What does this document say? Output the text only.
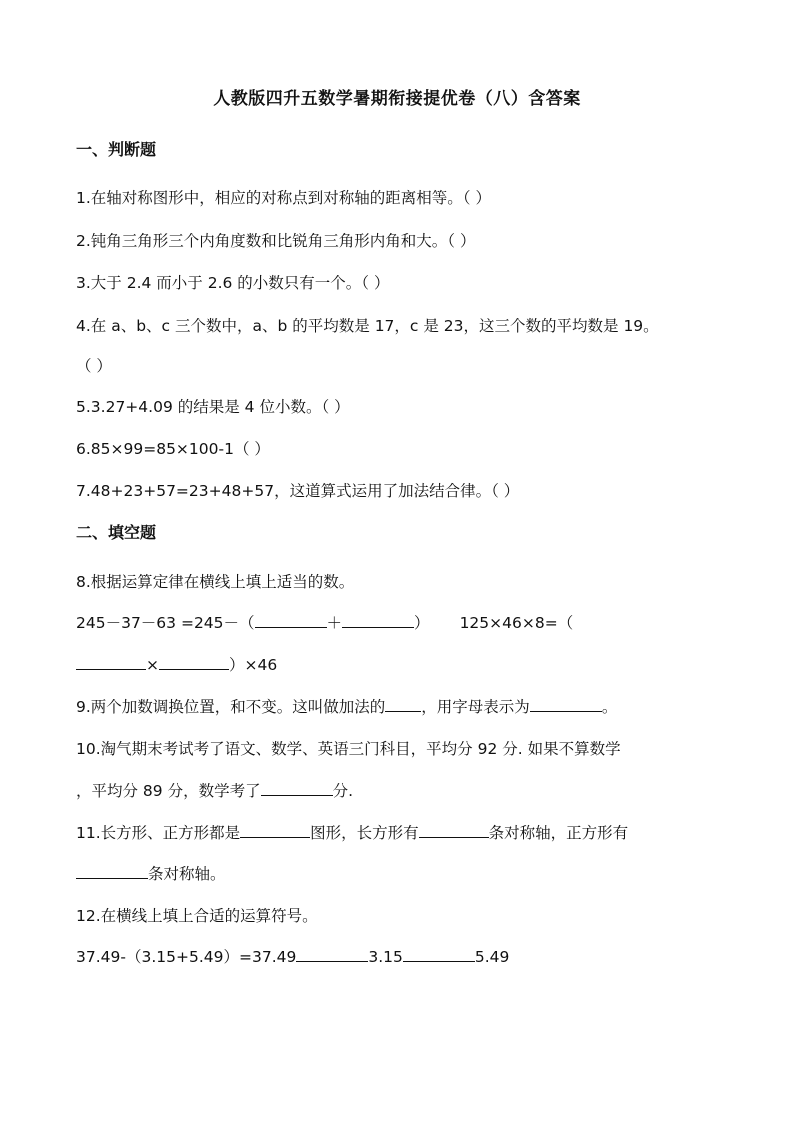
人教版四升五数学暑期衔接提优卷（八）含答案
一、判断题
1.在轴对称图形中，相应的对称点到对称轴的距离相等。（ ）
2.钝角三角形三个内角度数和比锐角三角形内角和大。（ ）
3.大于 2.4 而小于 2.6 的小数只有一个。（ ）
4.在 a、b、c 三个数中，a、b 的平均数是 17，c 是 23，这三个数的平均数是 19。
（ ）
5.3.27+4.09 的结果是 4 位小数。（ ）
6.85×99=85×100-1（ ）
7.48+23+57=23+48+57，这道算式运用了加法结合律。（ ）
二、填空题
8.根据运算定律在横线上填上适当的数。
245－37－63 =245－（	＋	） 125×46×8=（
×	）×46
9.两个加数调换位置，和不变。这叫做加法的 ，用字母表示为	。
10.淘气期末考试考了语文、数学、英语三门科目，平均分 92 分. 如果不算数学
，平均分 89 分，数学考了	分.
11.长方形、正方形都是	图形，长方形有	条对称轴，正方形有
条对称轴。
12.在横线上填上合适的运算符号。
37.49-（3.15+5.49）=37.49	3.15	5.49
